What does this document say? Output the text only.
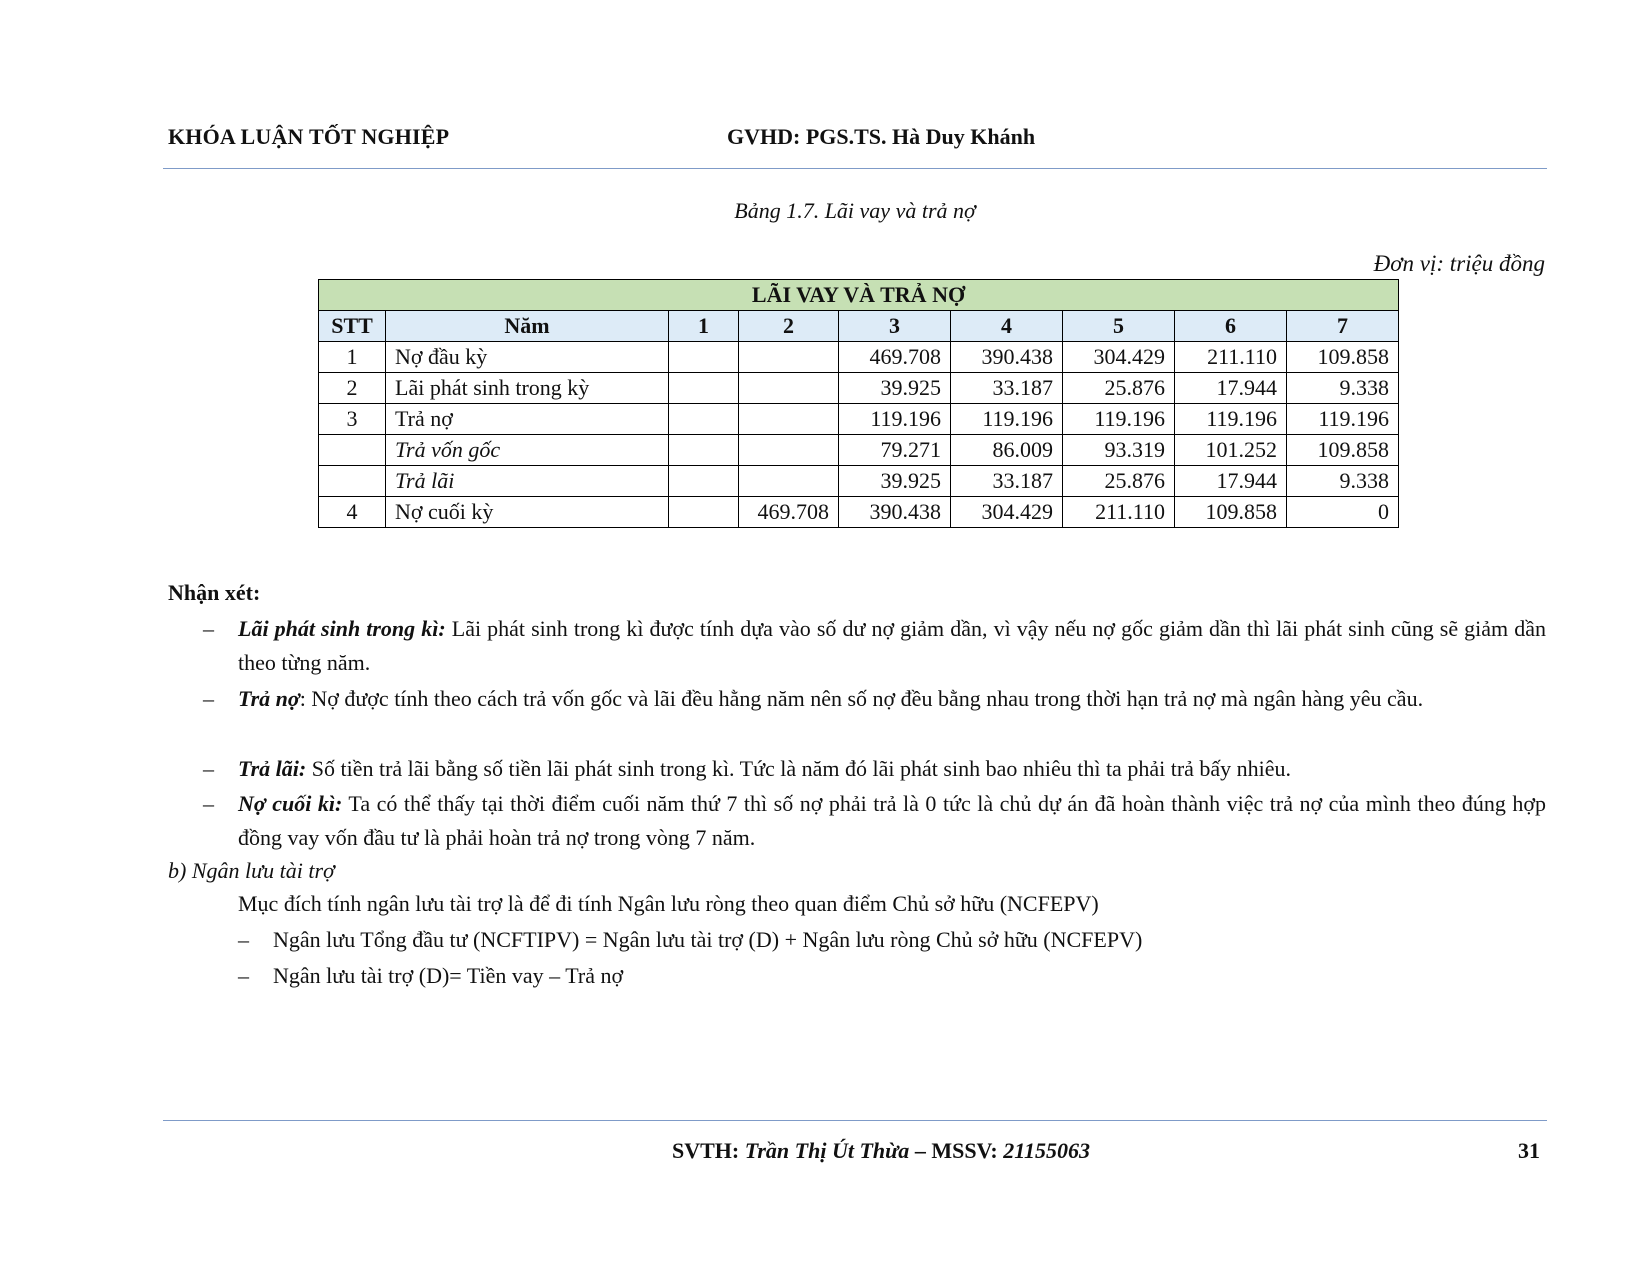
KHÓA LUẬN TỐT NGHIỆP	GVHD: PGS.TS. Hà Duy Khánh
Bảng 1.7. Lãi vay và trả nợ
Đơn vị: triệu đồng
LÃI VAY VÀ TRẢ NỢ								
STT	Năm	1	2	3	4	5	6	7
1	Nợ đầu kỳ			469.708	390.438	304.429	211.110	109.858
2	Lãi phát sinh trong kỳ			39.925	33.187	25.876	17.944	9.338
3	Trả nợ			119.196	119.196	119.196	119.196	119.196
	Trả vốn gốc			79.271	86.009	93.319	101.252	109.858
	Trả lãi			39.925	33.187	25.876	17.944	9.338
4	Nợ cuối kỳ		469.708	390.438	304.429	211.110	109.858	0
Nhận xét:
– Lãi phát sinh trong kì: Lãi phát sinh trong kì được tính dựa vào số dư nợ giảm dần, vì vậy nếu nợ gốc giảm dần thì lãi phát sinh cũng sẽ giảm dần theo từng năm.
– Trả nợ: Nợ được tính theo cách trả vốn gốc và lãi đều hằng năm nên số nợ đều bằng nhau trong thời hạn trả nợ mà ngân hàng yêu cầu.
– Trả lãi: Số tiền trả lãi bằng số tiền lãi phát sinh trong kì. Tức là năm đó lãi phát sinh bao nhiêu thì ta phải trả bấy nhiêu.
– Nợ cuối kì: Ta có thể thấy tại thời điểm cuối năm thứ 7 thì số nợ phải trả là 0 tức là chủ dự án đã hoàn thành việc trả nợ của mình theo đúng hợp đồng vay vốn đầu tư là phải hoàn trả nợ trong vòng 7 năm.
b) Ngân lưu tài trợ
Mục đích tính ngân lưu tài trợ là để đi tính Ngân lưu ròng theo quan điểm Chủ sở hữu (NCFEPV)
– Ngân lưu Tổng đầu tư (NCFTIPV) = Ngân lưu tài trợ (D) + Ngân lưu ròng Chủ sở hữu (NCFEPV)
– Ngân lưu tài trợ (D)= Tiền vay – Trả nợ
SVTH: Trần Thị Út Thừa – MSSV: 21155063	31
